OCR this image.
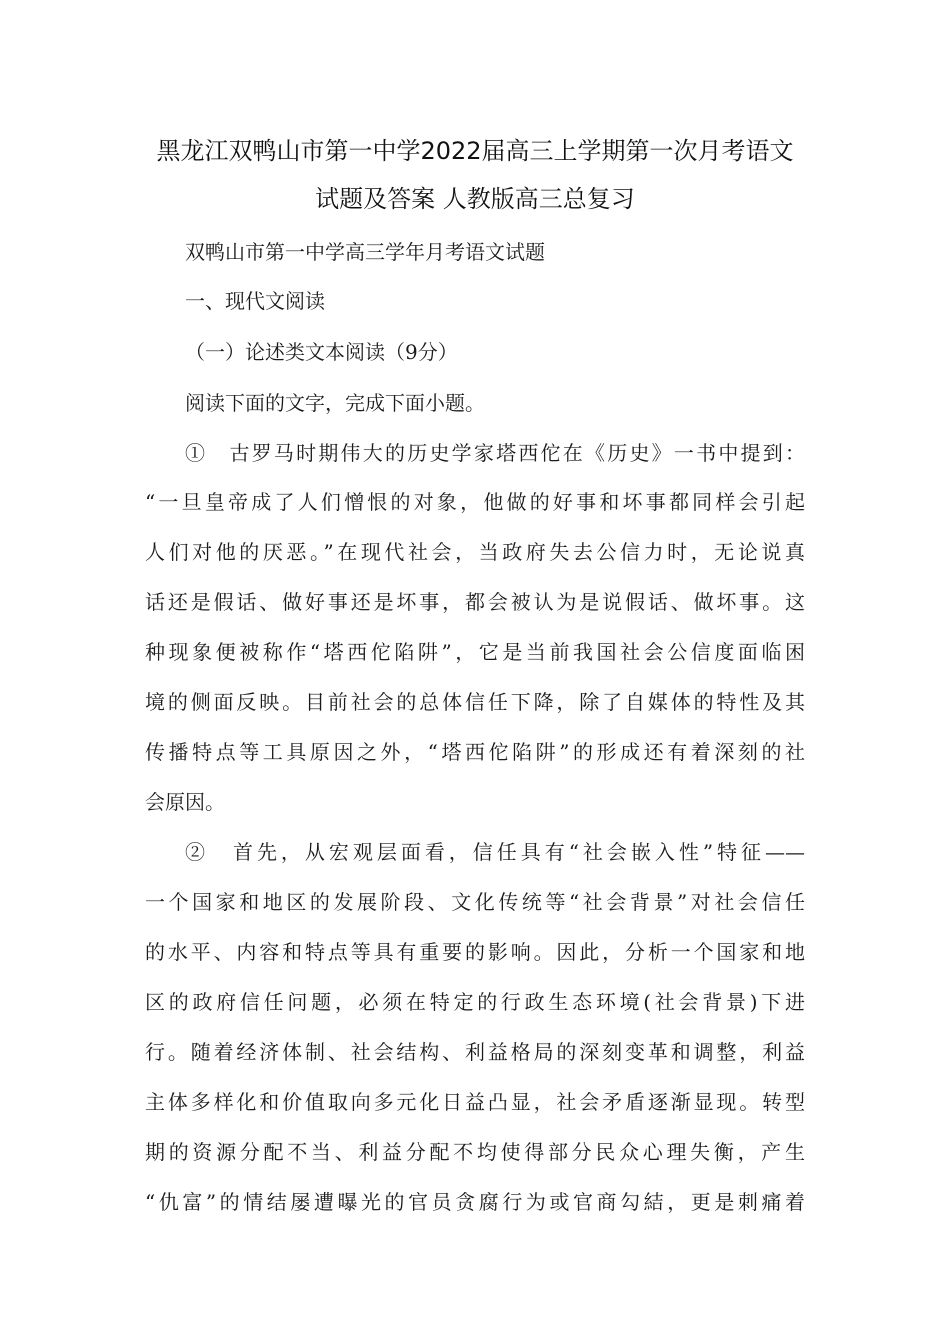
黑龙江双鸭山市第一中学2022届高三上学期第一次月考语文
试题及答案 人教版高三总复习
双鸭山市第一中学高三学年月考语文试题
一、现代文阅读
（一）论述类文本阅读（9分）
阅读下面的文字，完成下面小题。
①　古罗马时期伟大的历史学家塔西佗在《历史》一书中提到：
“一旦皇帝成了人们憎恨的对象，他做的好事和坏事都同样会引起
人们对他的厌恶。”在现代社会，当政府失去公信力时，无论说真
话还是假话、做好事还是坏事，都会被认为是说假话、做坏事。这
种现象便被称作“塔西佗陷阱”，它是当前我国社会公信度面临困
境的侧面反映。目前社会的总体信任下降，除了自媒体的特性及其
传播特点等工具原因之外，“塔西佗陷阱”的形成还有着深刻的社
会原因。
②　首先，从宏观层面看，信任具有“社会嵌入性”特征——
一个国家和地区的发展阶段、文化传统等“社会背景”对社会信任
的水平、内容和特点等具有重要的影响。因此，分析一个国家和地
区的政府信任问题，必须在特定的行政生态环境(社会背景)下进
行。随着经济体制、社会结构、利益格局的深刻变革和调整，利益
主体多样化和价值取向多元化日益凸显，社会矛盾逐渐显现。转型
期的资源分配不当、利益分配不均使得部分民众心理失衡，产生
“仇富”的情结屡遭曝光的官员贪腐行为或官商勾結，更是刺痛着
